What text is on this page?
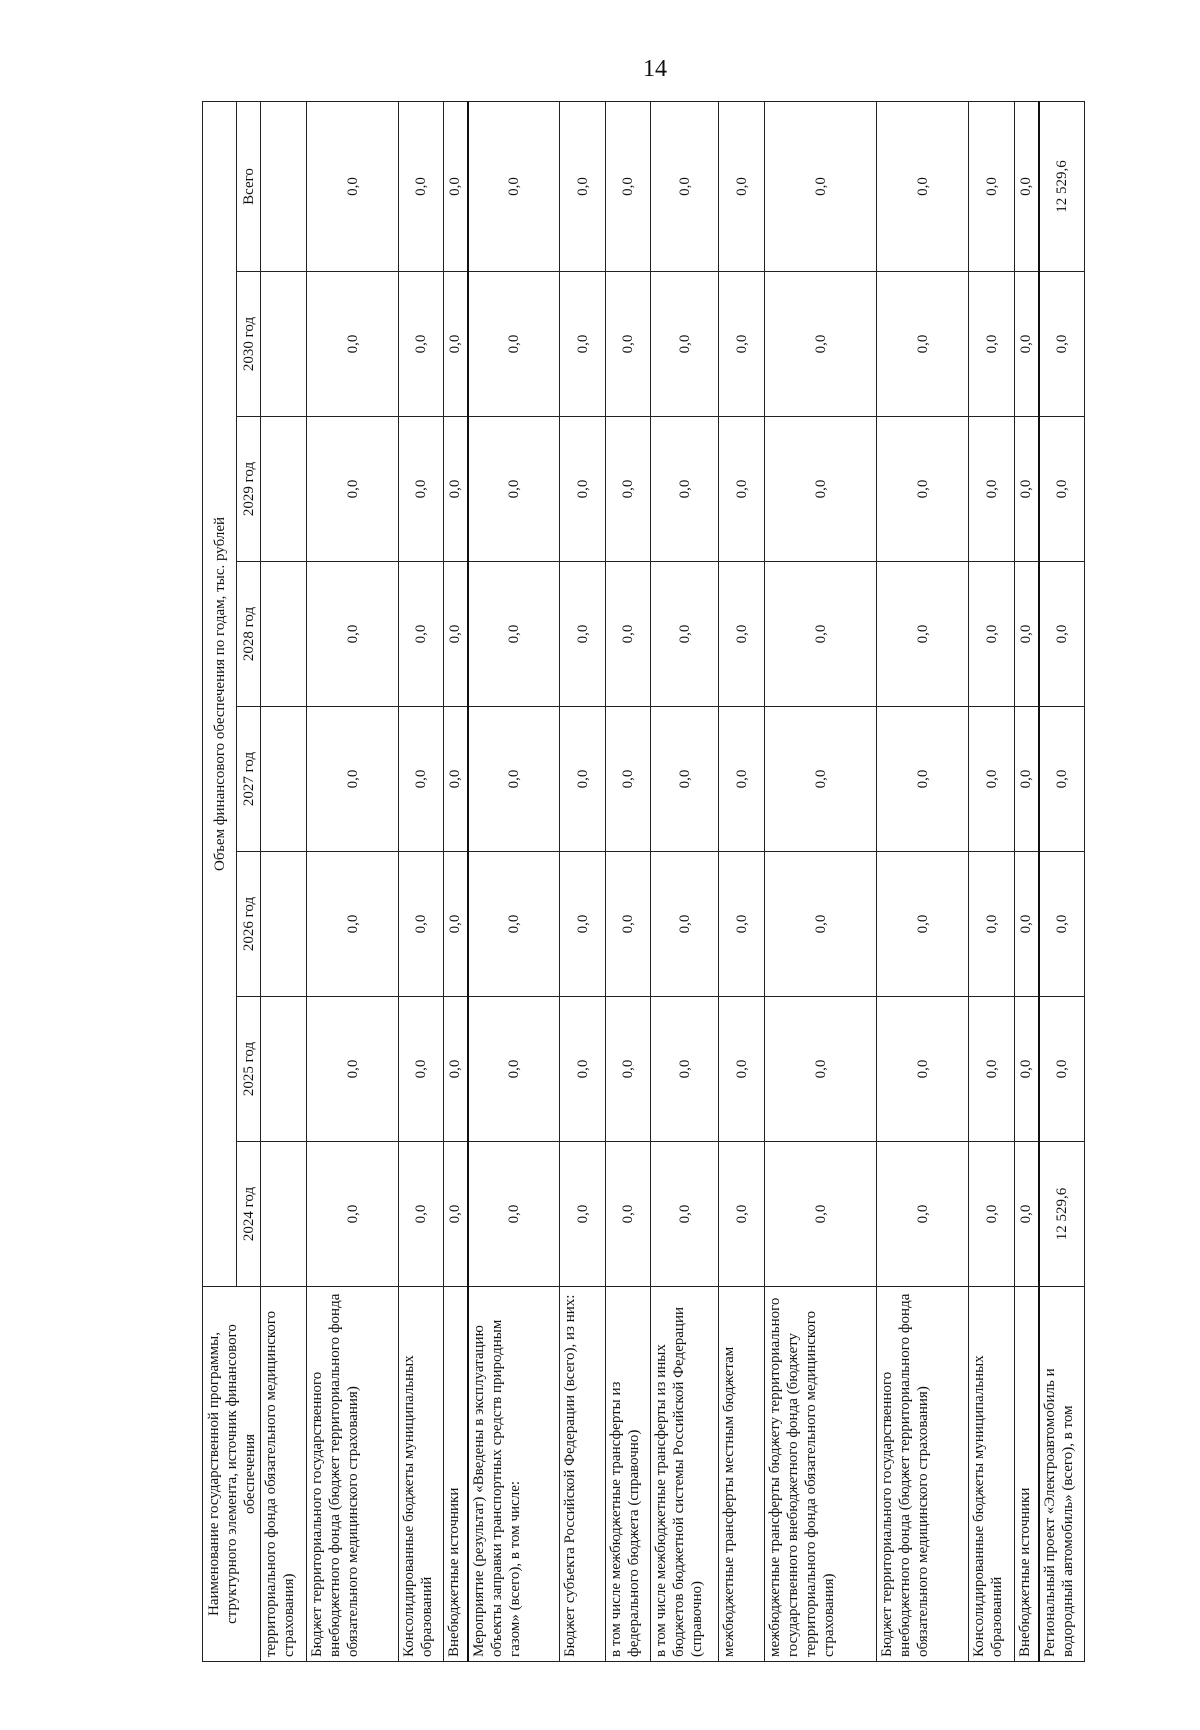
14
Наименование государственной программы, структурного элемента, источник финансового обеспечения	Объем финансового обеспечения по годам, тыс. рублей							
	2024 год	2025 год	2026 год	2027 год	2028 год	2029 год	2030 год	Всего
территориального фонда обязательного медицинского страхования)								
Бюджет территориального государственного внебюджетного фонда (бюджет территориального фонда обязательного медицинского страхования)	0,0	0,0	0,0	0,0	0,0	0,0	0,0	0,0
Консолидированные бюджеты муниципальных образований	0,0	0,0	0,0	0,0	0,0	0,0	0,0	0,0
Внебюджетные источники	0,0	0,0	0,0	0,0	0,0	0,0	0,0	0,0
Мероприятие (результат) «Введены в эксплуатацию объекты заправки транспортных средств природным газом» (всего), в том числе:	0,0	0,0	0,0	0,0	0,0	0,0	0,0	0,0
Бюджет субъекта Российской Федерации (всего), из них:	0,0	0,0	0,0	0,0	0,0	0,0	0,0	0,0
в том числе межбюджетные трансферты из федерального бюджета (справочно)	0,0	0,0	0,0	0,0	0,0	0,0	0,0	0,0
в том числе межбюджетные трансферты из иных бюджетов бюджетной системы Российской Федерации (справочно)	0,0	0,0	0,0	0,0	0,0	0,0	0,0	0,0
межбюджетные трансферты местным бюджетам	0,0	0,0	0,0	0,0	0,0	0,0	0,0	0,0
межбюджетные трансферты бюджету территориального государственного внебюджетного фонда (бюджету территориального фонда обязательного медицинского страхования)	0,0	0,0	0,0	0,0	0,0	0,0	0,0	0,0
Бюджет территориального государственного внебюджетного фонда (бюджет территориального фонда обязательного медицинского страхования)	0,0	0,0	0,0	0,0	0,0	0,0	0,0	0,0
Консолидированные бюджеты муниципальных образований	0,0	0,0	0,0	0,0	0,0	0,0	0,0	0,0
Внебюджетные источники	0,0	0,0	0,0	0,0	0,0	0,0	0,0	0,0
Региональный проект «Электроавтомобиль и водородный автомобиль» (всего), в том	12 529,6	0,0	0,0	0,0	0,0	0,0	0,0	12 529,6
